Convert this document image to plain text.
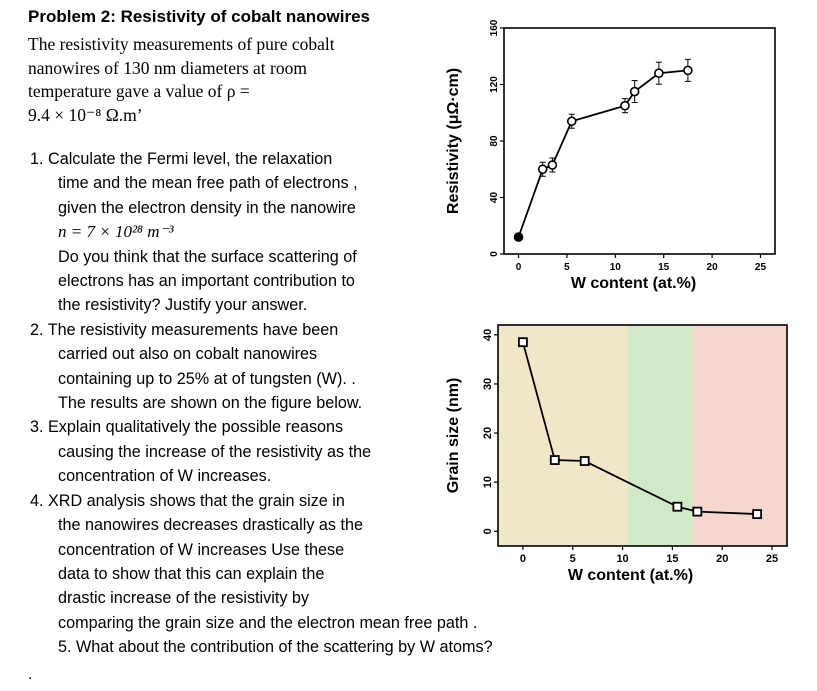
Problem 2: Resistivity of cobalt nanowires
The resistivity measurements of pure cobalt
nanowires of 130 nm diameters at room
temperature gave a value of ρ =
9.4 × 10⁻⁸ Ω.m’
1. Calculate the Fermi level, the relaxation
time and the mean free path of electrons ,
given the electron density in the nanowire
n = 7 × 10²⁸ m⁻³
Do you think that the surface scattering of
electrons has an important contribution to
the resistivity? Justify your answer.
2. The resistivity measurements have been
carried out also on cobalt nanowires
containing up to 25% at of tungsten (W). .
The results are shown on the figure below.
3. Explain qualitatively the possible reasons
causing the increase of the resistivity as the
concentration of W increases.
4. XRD analysis shows that the grain size in
the nanowires decreases drastically as the
concentration of W increases Use these
data to show that this can explain the
drastic increase of the resistivity by
comparing the grain size and the electron mean free path .
5. What about the contribution of the scattering by W atoms?
.
0
40
80
120
160
0	5	10	15	20	25
W content (at.%)
Resistivity (μΩ·cm)
0
10
20
30
40
0	5	10	15	20	25
W content (at.%)
Grain size (nm)
